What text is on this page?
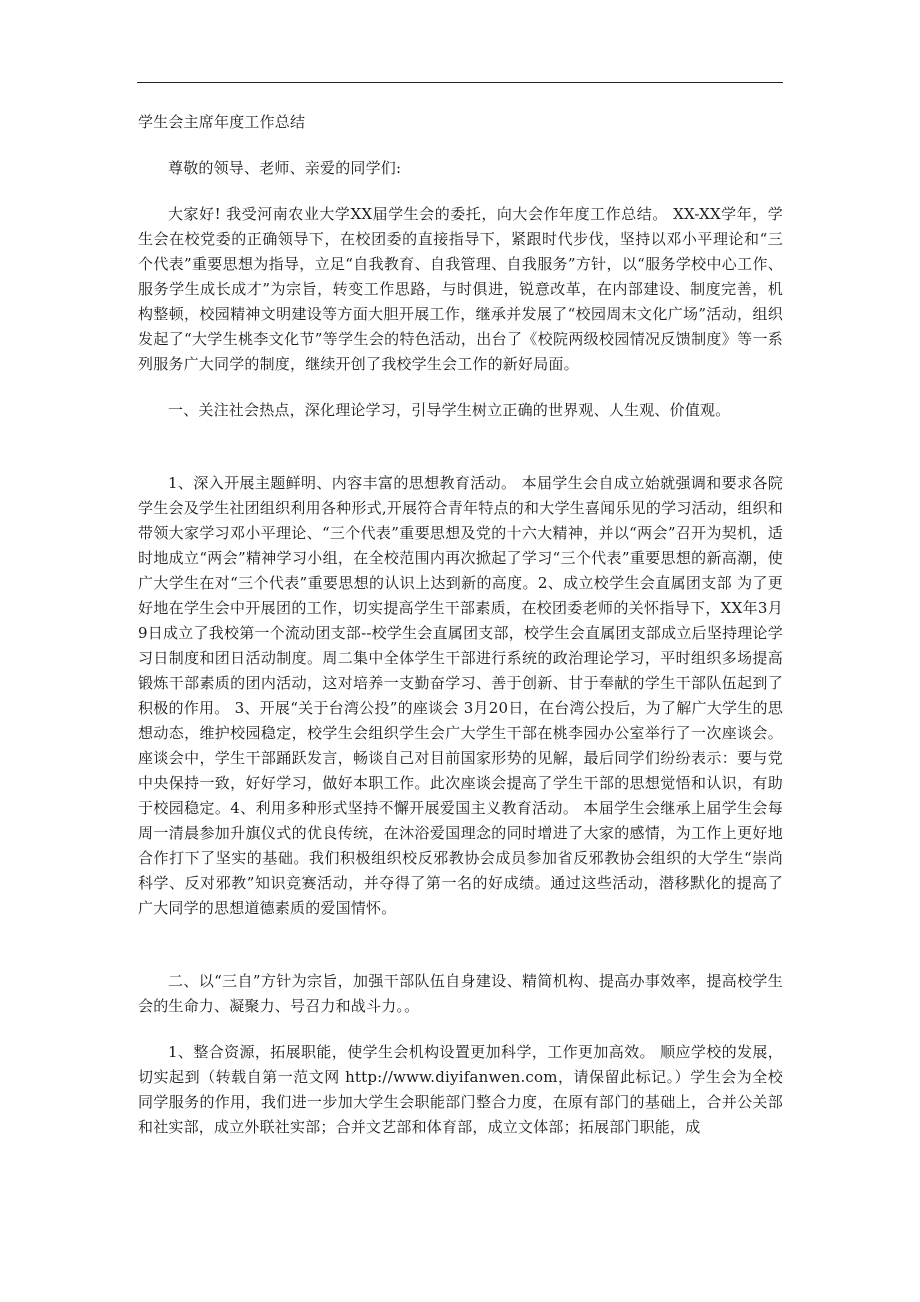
学生会主席年度工作总结

尊敬的领导、老师、亲爱的同学们:

大家好! 我受河南农业大学XX届学生会的委托，向大会作年度工作总结。 XX-XX学年，学生会在校党委的正确领导下，在校团委的直接指导下，紧跟时代步伐，坚持以邓小平理论和“三个代表”重要思想为指导，立足“自我教育、自我管理、自我服务”方针，以“服务学校中心工作、服务学生成长成才”为宗旨，转变工作思路，与时俱进，锐意改革，在内部建设、制度完善，机构整顿，校园精神文明建设等方面大胆开展工作，继承并发展了“校园周末文化广场”活动，组织发起了“大学生桃李文化节”等学生会的特色活动，出台了《校院两级校园情况反馈制度》等一系列服务广大同学的制度，继续开创了我校学生会工作的新好局面。

一、关注社会热点，深化理论学习，引导学生树立正确的世界观、人生观、价值观。

1、深入开展主题鲜明、内容丰富的思想教育活动。 本届学生会自成立始就强调和要求各院学生会及学生社团组织利用各种形式,开展符合青年特点的和大学生喜闻乐见的学习活动，组织和带领大家学习邓小平理论、“三个代表”重要思想及党的十六大精神，并以“两会”召开为契机，适时地成立“两会”精神学习小组，在全校范围内再次掀起了学习“三个代表”重要思想的新高潮，使广大学生在对“三个代表”重要思想的认识上达到新的高度。2、成立校学生会直属团支部 为了更好地在学生会中开展团的工作，切实提高学生干部素质，在校团委老师的关怀指导下，XX年3月9日成立了我校第一个流动团支部--校学生会直属团支部，校学生会直属团支部成立后坚持理论学习日制度和团日活动制度。周二集中全体学生干部进行系统的政治理论学习，平时组织多场提高锻炼干部素质的团内活动，这对培养一支勤奋学习、善于创新、甘于奉献的学生干部队伍起到了积极的作用。 3、开展“关于台湾公投”的座谈会 3月20日，在台湾公投后，为了解广大学生的思想动态，维护校园稳定，校学生会组织学生会广大学生干部在桃李园办公室举行了一次座谈会。座谈会中，学生干部踊跃发言，畅谈自己对目前国家形势的见解，最后同学们纷纷表示：要与党中央保持一致，好好学习，做好本职工作。此次座谈会提高了学生干部的思想觉悟和认识，有助于校园稳定。4、利用多种形式坚持不懈开展爱国主义教育活动。 本届学生会继承上届学生会每周一清晨参加升旗仪式的优良传统，在沐浴爱国理念的同时增进了大家的感情，为工作上更好地合作打下了坚实的基础。我们积极组织校反邪教协会成员参加省反邪教协会组织的大学生“崇尚科学、反对邪教”知识竞赛活动，并夺得了第一名的好成绩。通过这些活动，潜移默化的提高了广大同学的思想道德素质的爱国情怀。

二、以“三自”方针为宗旨，加强干部队伍自身建设、精简机构、提高办事效率，提高校学生会的生命力、凝聚力、号召力和战斗力。。

1、整合资源，拓展职能，使学生会机构设置更加科学，工作更加高效。 顺应学校的发展，切实起到（转载自第一范文网 http://www.diyifanwen.com，请保留此标记。）学生会为全校同学服务的作用，我们进一步加大学生会职能部门整合力度，在原有部门的基础上，合并公关部和社实部，成立外联社实部；合并文艺部和体育部，成立文体部；拓展部门职能，成
